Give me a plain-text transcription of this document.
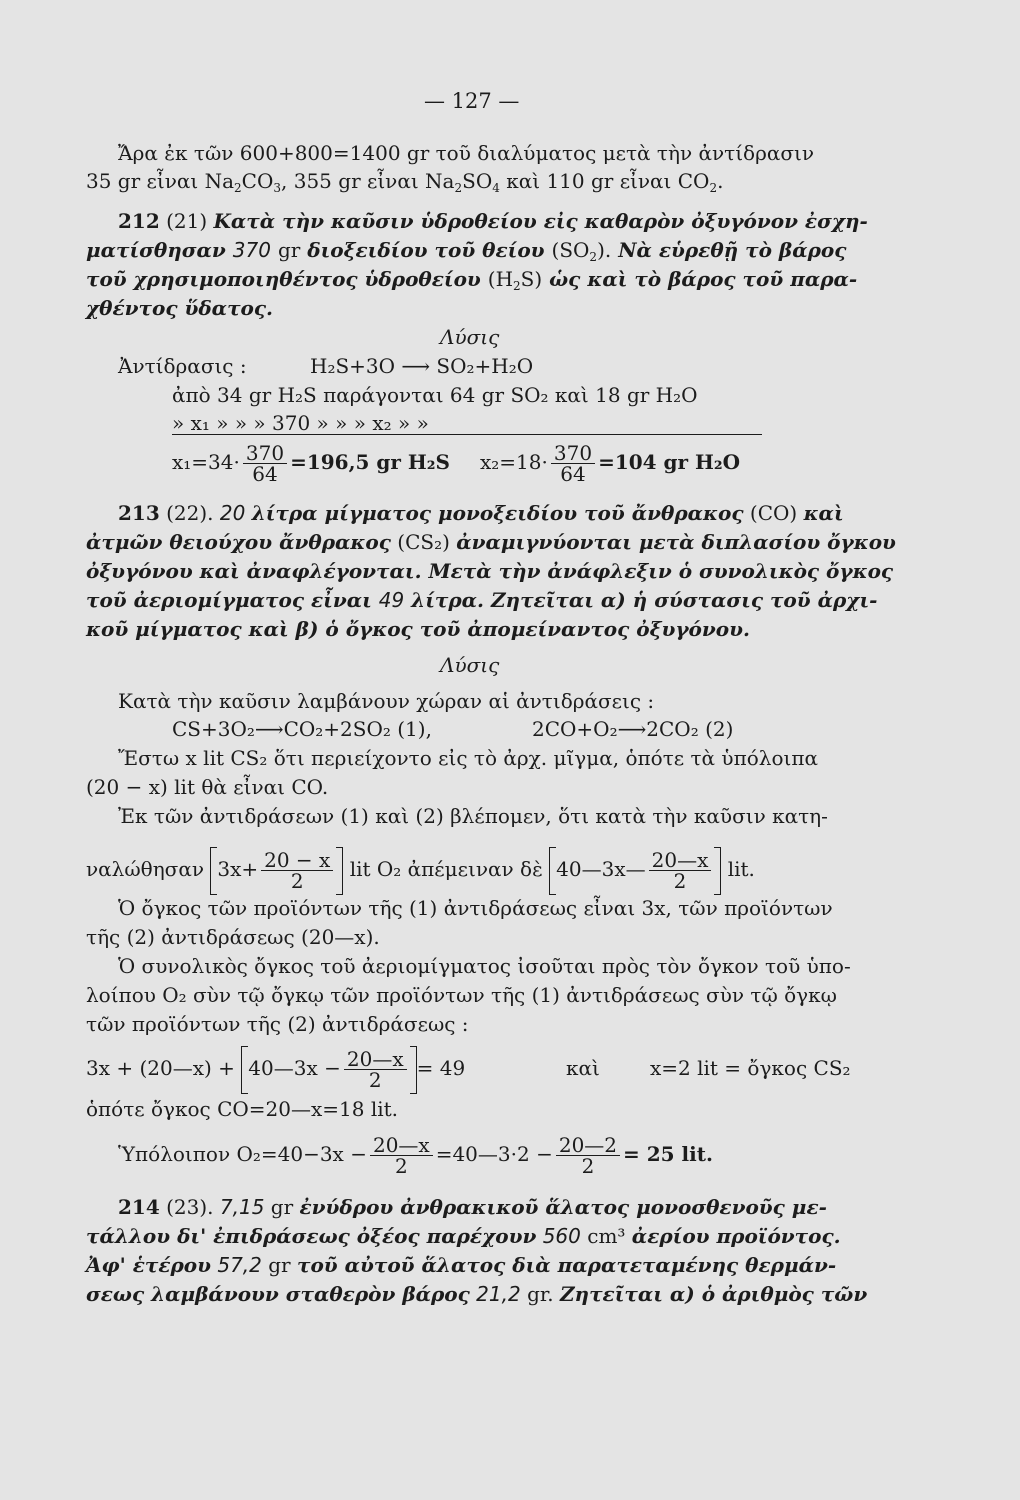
— 127 —
Ἄρα ἐκ τῶν 600+800=1400 gr τοῦ διαλύματος μετὰ τὴν ἀντίδρασιν
35 gr εἶναι $Na_2CO_3$, 355 gr εἶναι $Na_2SO_4$ καὶ 110 gr εἶναι $CO_2$.
212 (21) Κατὰ τὴν καῦσιν ὑδροθείου εἰς καθαρὸν ὀξυγόνον ἐσχη-
ματίσθησαν 370 gr διοξειδίου τοῦ θείου $(SO_2)$. Νὰ εὑρεθῇ τὸ βάρος
τοῦ χρησιμοποιηθέντος ὑδροθείου $(H_2S)$ ὡς καὶ τὸ βάρος τοῦ παρα-
χθέντος ὕδατος.
Λύσις
Ἀντίδρασις :	H₂S+3O ⟶ SO₂+H₂O
ἀπὸ 34 gr H₂S παράγονται 64 gr SO₂ καὶ 18 gr H₂O
» x₁ » » » 370 » » » x₂ » »
$x_1=34\cdot \frac{370}{64} =196,5$ gr H₂S $x_2=18\cdot \frac{370}{64} =104$ gr H₂O
213 (22). 20 λίτρα μίγματος μονοξειδίου τοῦ ἄνθρακος (CO) καὶ
ἀτμῶν θειούχου ἄνθρακος (CS₂) ἀναμιγνύονται μετὰ διπλασίου ὄγκου
ὀξυγόνου καὶ ἀναφλέγονται. Μετὰ τὴν ἀνάφλεξιν ὁ συνολικὸς ὄγκος
τοῦ ἀεριομίγματος εἶναι 49 λίτρα. Ζητεῖται α) ἡ σύστασις τοῦ ἀρχι-
κοῦ μίγματος καὶ β) ὁ ὄγκος τοῦ ἀπομείναντος ὀξυγόνου.
Λύσις
Κατὰ τὴν καῦσιν λαμβάνουν χώραν αἱ ἀντιδράσεις :
CS+3O₂⟶CO₂+2SO₂ (1),	2CO+O₂⟶2CO₂ (2)
Ἔστω x lit CS₂ ὅτι περιείχοντο εἰς τὸ ἀρχ. μῖγμα, ὁπότε τὰ ὑπόλοιπα
(20 − x) lit θὰ εἶναι CO.
Ἐκ τῶν ἀντιδράσεων (1) καὶ (2) βλέπομεν, ὅτι κατὰ τὴν καῦσιν κατη-
ναλώθησαν $3x+ \frac{20 - x}{2}$ lit O₂ ἀπέμειναν δὲ 40—3x— $\frac{20—x}{2}$ lit.
Ὁ ὄγκος τῶν προϊόντων τῆς (1) ἀντιδράσεως εἶναι 3x, τῶν προϊόντων
τῆς (2) ἀντιδράσεως (20—x).
Ὁ συνολικὸς ὄγκος τοῦ ἀεριομίγματος ἰσοῦται πρὸς τὸν ὄγκον τοῦ ὑπο-
λοίπου O₂ σὺν τῷ ὄγκῳ τῶν προϊόντων τῆς (1) ἀντιδράσεως σὺν τῷ ὄγκῳ
τῶν προϊόντων τῆς (2) ἀντιδράσεως :
3x + (20—x) + 40—3x − $\frac{20—x}{2} = 49$	καὶ	x=2 lit = ὄγκος CS₂
ὁπότε ὄγκος CO=20—x=18 lit.
Ὑπόλοιπον $O_2=40-3x - \frac{20—x}{2}$ =40—3·2 − $\frac{20—2}{2} = 25$ lit.
214 (23). 7,15 gr ἐνύδρου ἀνθρακικοῦ ἅλατος μονοσθενοῦς με-
τάλλου δι' ἐπιδράσεως ὀξέος παρέχουν 560 cm³ ἀερίου προϊόντος.
Ἀφ' ἑτέρου 57,2 gr τοῦ αὐτοῦ ἅλατος διὰ παρατεταμένης θερμάν-
σεως λαμβάνουν σταθερὸν βάρος 21,2 gr. Ζητεῖται α) ὁ ἀριθμὸς τῶν
